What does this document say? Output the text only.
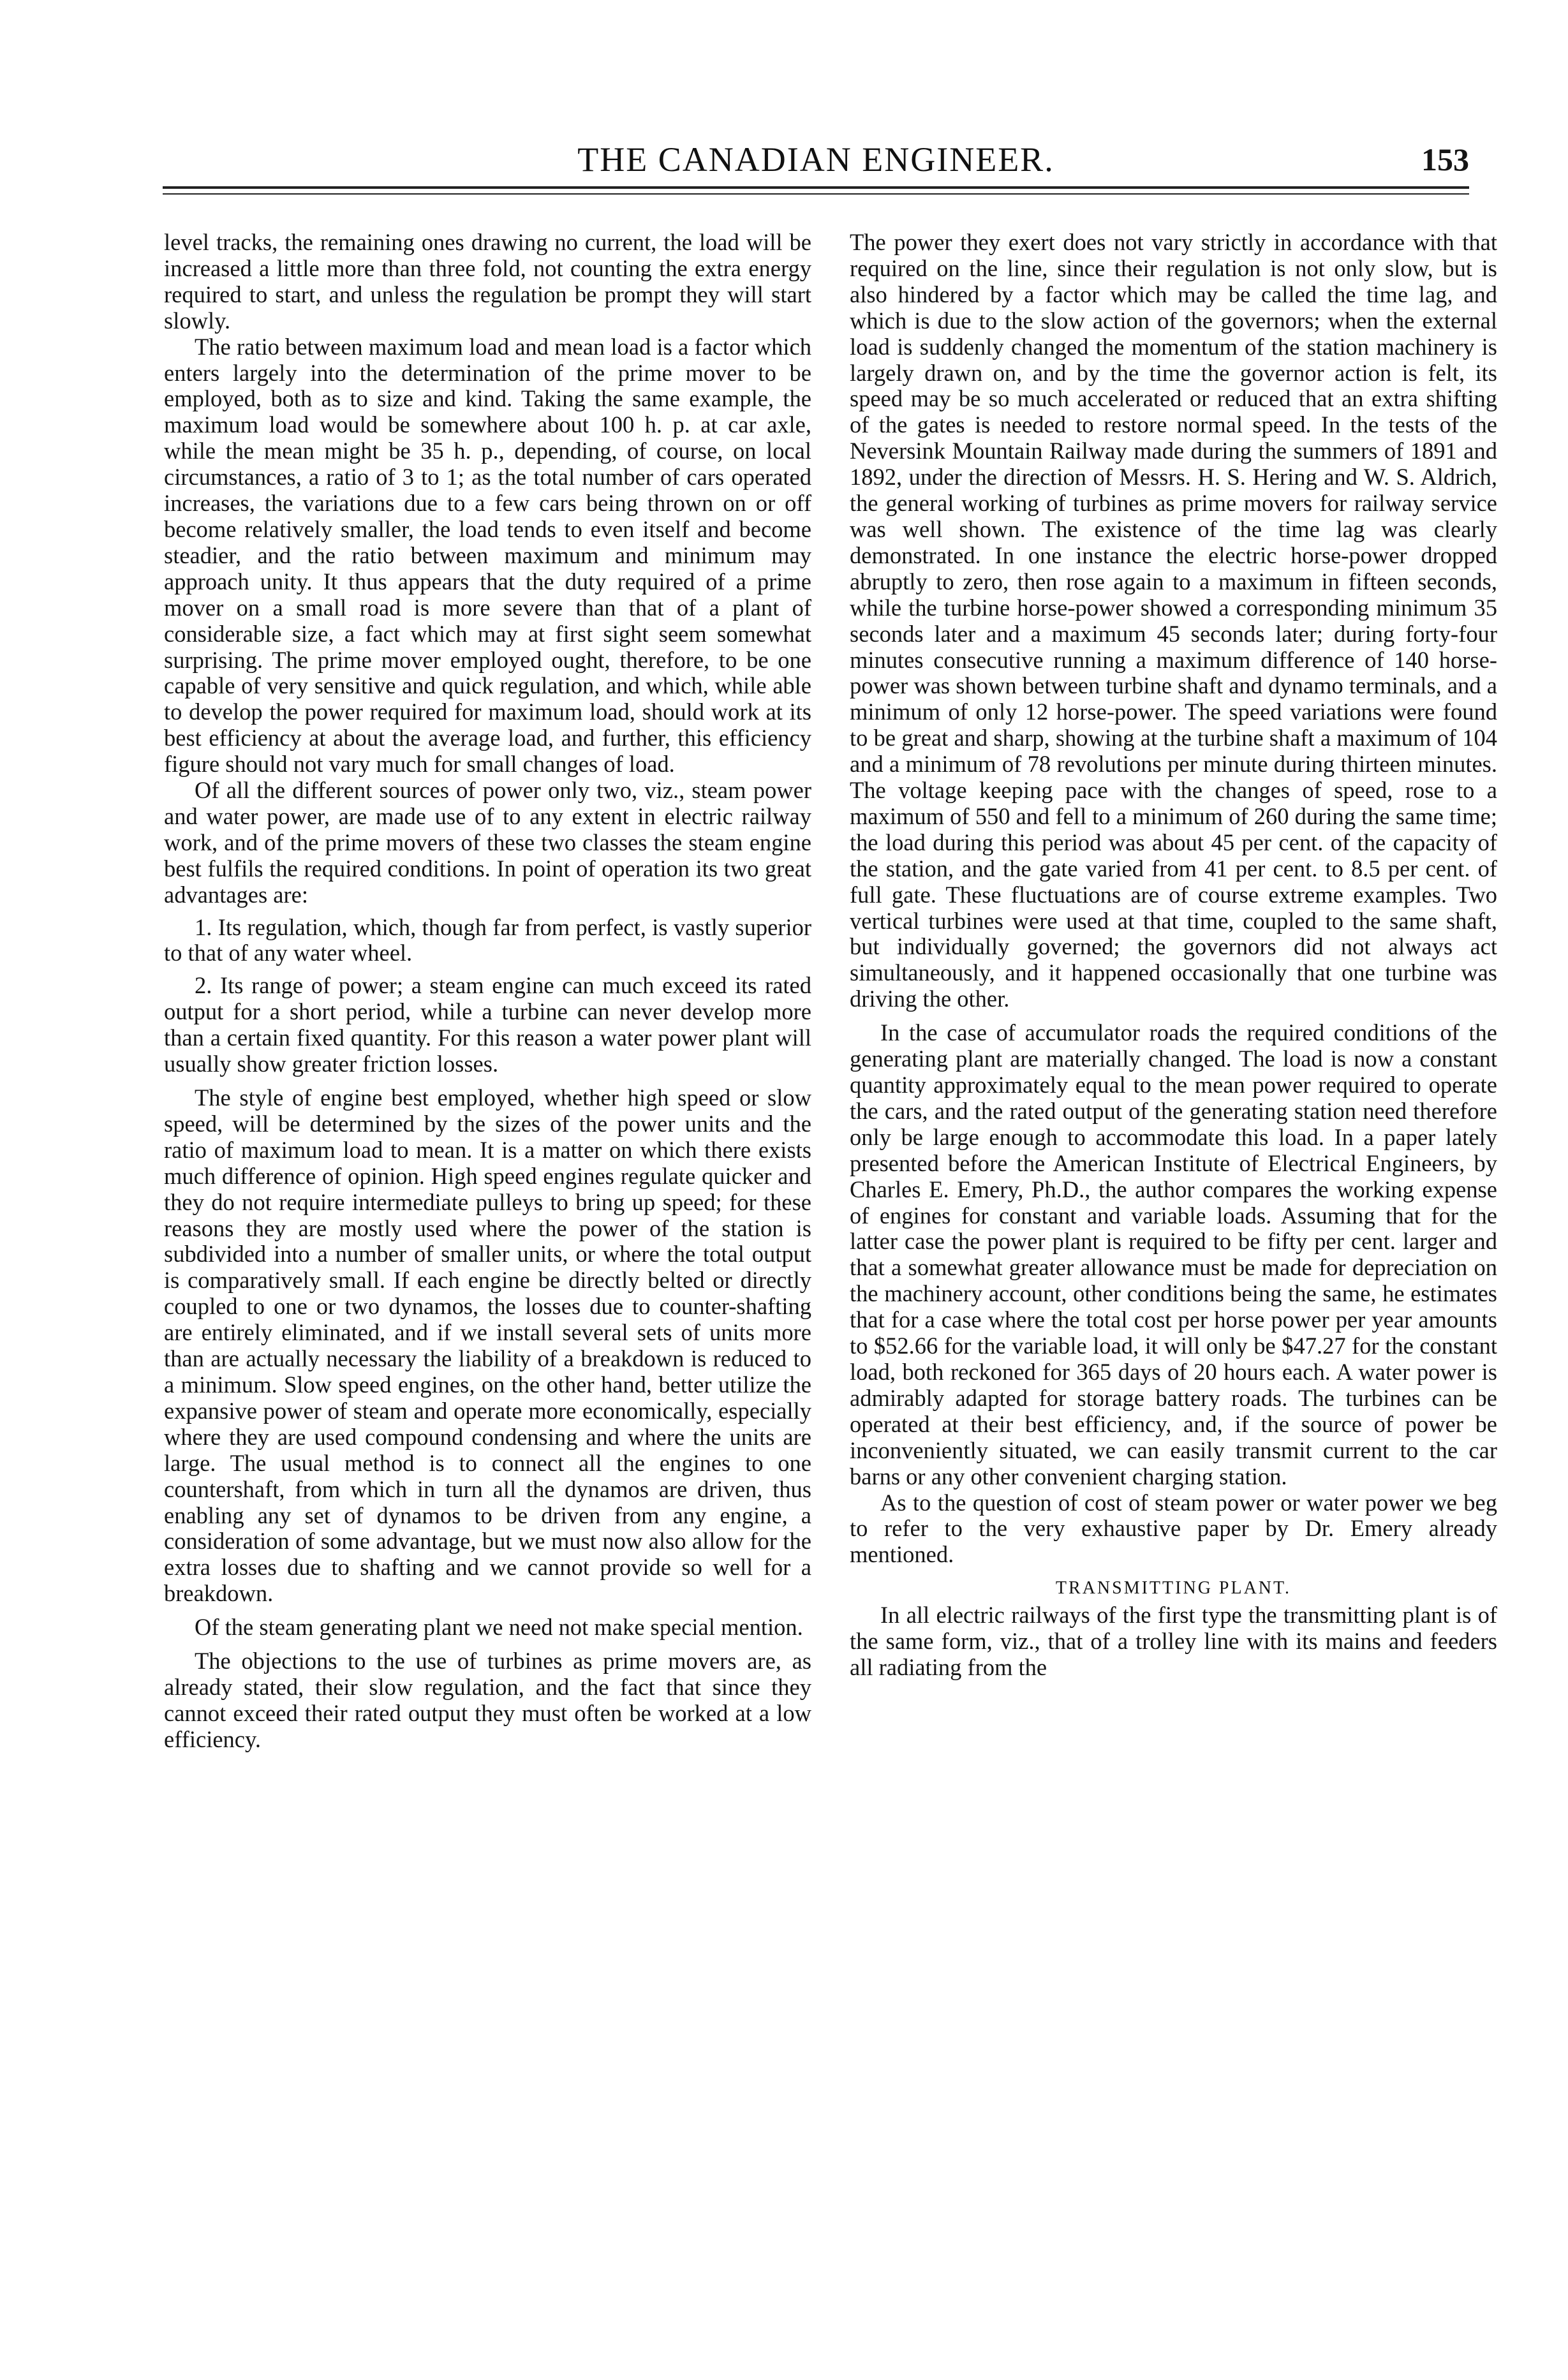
THE CANADIAN ENGINEER.	153

level tracks, the remaining ones drawing no current, the load will be increased a little more than three fold, not counting the extra energy required to start, and unless the regulation be prompt they will start slowly.

The ratio between maximum load and mean load is a factor which enters largely into the determination of the prime mover to be employed, both as to size and kind. Taking the same example, the maximum load would be somewhere about 100 h. p. at car axle, while the mean might be 35 h. p., depending, of course, on local circumstances, a ratio of 3 to 1; as the total number of cars operated increases, the variations due to a few cars being thrown on or off become relatively smaller, the load tends to even itself and become steadier, and the ratio between maximum and minimum may approach unity. It thus appears that the duty required of a prime mover on a small road is more severe than that of a plant of considerable size, a fact which may at first sight seem somewhat surprising. The prime mover employed ought, therefore, to be one capable of very sensitive and quick regulation, and which, while able to develop the power required for maximum load, should work at its best efficiency at about the average load, and further, this efficiency figure should not vary much for small changes of load.

Of all the different sources of power only two, viz., steam power and water power, are made use of to any extent in electric railway work, and of the prime movers of these two classes the steam engine best fulfils the required conditions. In point of operation its two great advantages are:

1. Its regulation, which, though far from perfect, is vastly superior to that of any water wheel.

2. Its range of power; a steam engine can much exceed its rated output for a short period, while a turbine can never develop more than a certain fixed quantity. For this reason a water power plant will usually show greater friction losses.

The style of engine best employed, whether high speed or slow speed, will be determined by the sizes of the power units and the ratio of maximum load to mean. It is a matter on which there exists much difference of opinion. High speed engines regulate quicker and they do not require intermediate pulleys to bring up speed; for these reasons they are mostly used where the power of the station is subdivided into a number of smaller units, or where the total output is comparatively small. If each engine be directly belted or directly coupled to one or two dynamos, the losses due to counter-shafting are entirely eliminated, and if we install several sets of units more than are actually necessary the liability of a breakdown is reduced to a minimum. Slow speed engines, on the other hand, better utilize the expansive power of steam and operate more economically, especially where they are used compound condensing and where the units are large. The usual method is to connect all the engines to one countershaft, from which in turn all the dynamos are driven, thus enabling any set of dynamos to be driven from any engine, a consideration of some advantage, but we must now also allow for the extra losses due to shafting and we cannot provide so well for a breakdown.

Of the steam generating plant we need not make special mention.

The objections to the use of turbines as prime movers are, as already stated, their slow regulation, and the fact that since they cannot exceed their rated output they must often be worked at a low efficiency.

The power they exert does not vary strictly in accordance with that required on the line, since their regulation is not only slow, but is also hindered by a factor which may be called the time lag, and which is due to the slow action of the governors; when the external load is suddenly changed the momentum of the station machinery is largely drawn on, and by the time the governor action is felt, its speed may be so much accelerated or reduced that an extra shifting of the gates is needed to restore normal speed. In the tests of the Neversink Mountain Railway made during the summers of 1891 and 1892, under the direction of Messrs. H. S. Hering and W. S. Aldrich, the general working of turbines as prime movers for railway service was well shown. The existence of the time lag was clearly demonstrated. In one instance the electric horse-power dropped abruptly to zero, then rose again to a maximum in fifteen seconds, while the turbine horse-power showed a corresponding minimum 35 seconds later and a maximum 45 seconds later; during forty-four minutes consecutive running a maximum difference of 140 horse-power was shown between turbine shaft and dynamo terminals, and a minimum of only 12 horse-power. The speed variations were found to be great and sharp, showing at the turbine shaft a maximum of 104 and a minimum of 78 revolutions per minute during thirteen minutes. The voltage keeping pace with the changes of speed, rose to a maximum of 550 and fell to a minimum of 260 during the same time; the load during this period was about 45 per cent. of the capacity of the station, and the gate varied from 41 per cent. to 8.5 per cent. of full gate. These fluctuations are of course extreme examples. Two vertical turbines were used at that time, coupled to the same shaft, but individually governed; the governors did not always act simultaneously, and it happened occasionally that one turbine was driving the other.

In the case of accumulator roads the required conditions of the generating plant are materially changed. The load is now a constant quantity approximately equal to the mean power required to operate the cars, and the rated output of the generating station need therefore only be large enough to accommodate this load. In a paper lately presented before the American Institute of Electrical Engineers, by Charles E. Emery, Ph.D., the author compares the working expense of engines for constant and variable loads. Assuming that for the latter case the power plant is required to be fifty per cent. larger and that a somewhat greater allowance must be made for depreciation on the machinery account, other conditions being the same, he estimates that for a case where the total cost per horse power per year amounts to $52.66 for the variable load, it will only be $47.27 for the constant load, both reckoned for 365 days of 20 hours each. A water power is admirably adapted for storage battery roads. The turbines can be operated at their best efficiency, and, if the source of power be inconveniently situated, we can easily transmit current to the car barns or any other convenient charging station.

As to the question of cost of steam power or water power we beg to refer to the very exhaustive paper by Dr. Emery already mentioned.

TRANSMITTING PLANT.

In all electric railways of the first type the transmitting plant is of the same form, viz., that of a trolley line with its mains and feeders all radiating from the
